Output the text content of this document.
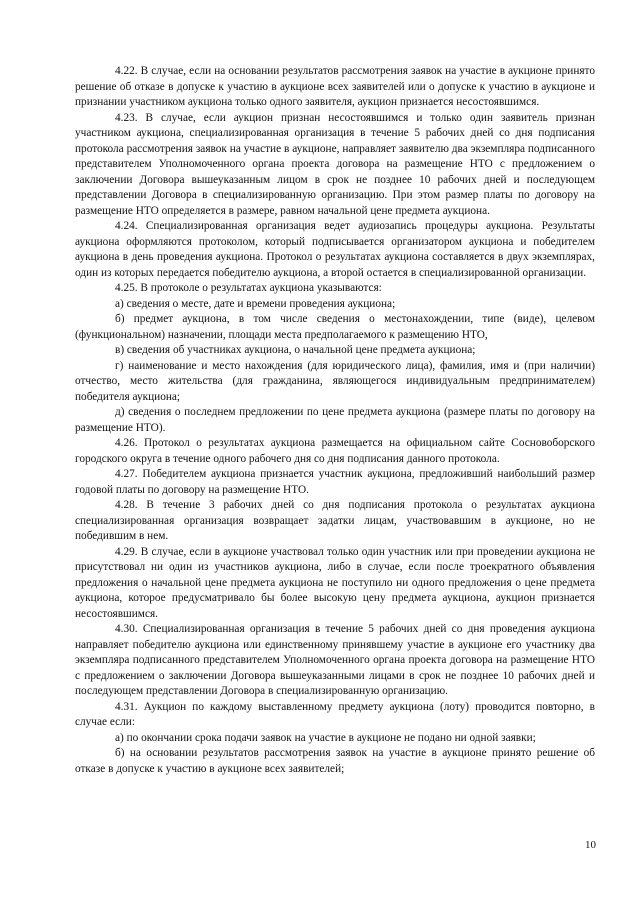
4.22. В случае, если на основании результатов рассмотрения заявок на участие в аукционе принято решение об отказе в допуске к участию в аукционе всех заявителей или о допуске к участию в аукционе и признании участником аукциона только одного заявителя, аукцион признается несостоявшимся.

4.23. В случае, если аукцион признан несостоявшимся и только один заявитель признан участником аукциона, специализированная организация в течение 5 рабочих дней со дня подписания протокола рассмотрения заявок на участие в аукционе, направляет заявителю два экземпляра подписанного представителем Уполномоченного органа проекта договора на размещение НТО с предложением о заключении Договора вышеуказанным лицом в срок не позднее 10 рабочих дней и последующем представлении Договора в специализированную организацию. При этом размер платы по договору на размещение НТО определяется в размере, равном начальной цене предмета аукциона.

4.24. Специализированная организация ведет аудиозапись процедуры аукциона. Результаты аукциона оформляются протоколом, который подписывается организатором аукциона и победителем аукциона в день проведения аукциона. Протокол о результатах аукциона составляется в двух экземплярах, один из которых передается победителю аукциона, а второй остается в специализированной организации.

4.25. В протоколе о результатах аукциона указываются:

а) сведения о месте, дате и времени проведения аукциона;

б) предмет аукциона, в том числе сведения о местонахождении, типе (виде), целевом (функциональном) назначении, площади места предполагаемого к размещению НТО,

в) сведения об участниках аукциона, о начальной цене предмета аукциона;

г) наименование и место нахождения (для юридического лица), фамилия, имя и (при наличии) отчество, место жительства (для гражданина, являющегося индивидуальным предпринимателем) победителя аукциона;

д) сведения о последнем предложении по цене предмета аукциона (размере платы по договору на размещение НТО).

4.26. Протокол о результатах аукциона размещается на официальном сайте Сосновоборского городского округа в течение одного рабочего дня со дня подписания данного протокола.

4.27. Победителем аукциона признается участник аукциона, предложивший наибольший размер годовой платы по договору на размещение НТО.

4.28. В течение 3 рабочих дней со дня подписания протокола о результатах аукциона специализированная организация возвращает задатки лицам, участвовавшим в аукционе, но не победившим в нем.

4.29. В случае, если в аукционе участвовал только один участник или при проведении аукциона не присутствовал ни один из участников аукциона, либо в случае, если после троекратного объявления предложения о начальной цене предмета аукциона не поступило ни одного предложения о цене предмета аукциона, которое предусматривало бы более высокую цену предмета аукциона, аукцион признается несостоявшимся.

4.30. Специализированная организация в течение 5 рабочих дней со дня проведения аукциона направляет победителю аукциона или единственному принявшему участие в аукционе его участнику два экземпляра подписанного представителем Уполномоченного органа проекта договора на размещение НТО с предложением о заключении Договора вышеуказанными лицами в срок не позднее 10 рабочих дней и последующем представлении Договора в специализированную организацию.

4.31. Аукцион по каждому выставленному предмету аукциона (лоту) проводится повторно, в случае если:

а) по окончании срока подачи заявок на участие в аукционе не подано ни одной заявки;

б) на основании результатов рассмотрения заявок на участие в аукционе принято решение об отказе в допуске к участию в аукционе всех заявителей;

10
